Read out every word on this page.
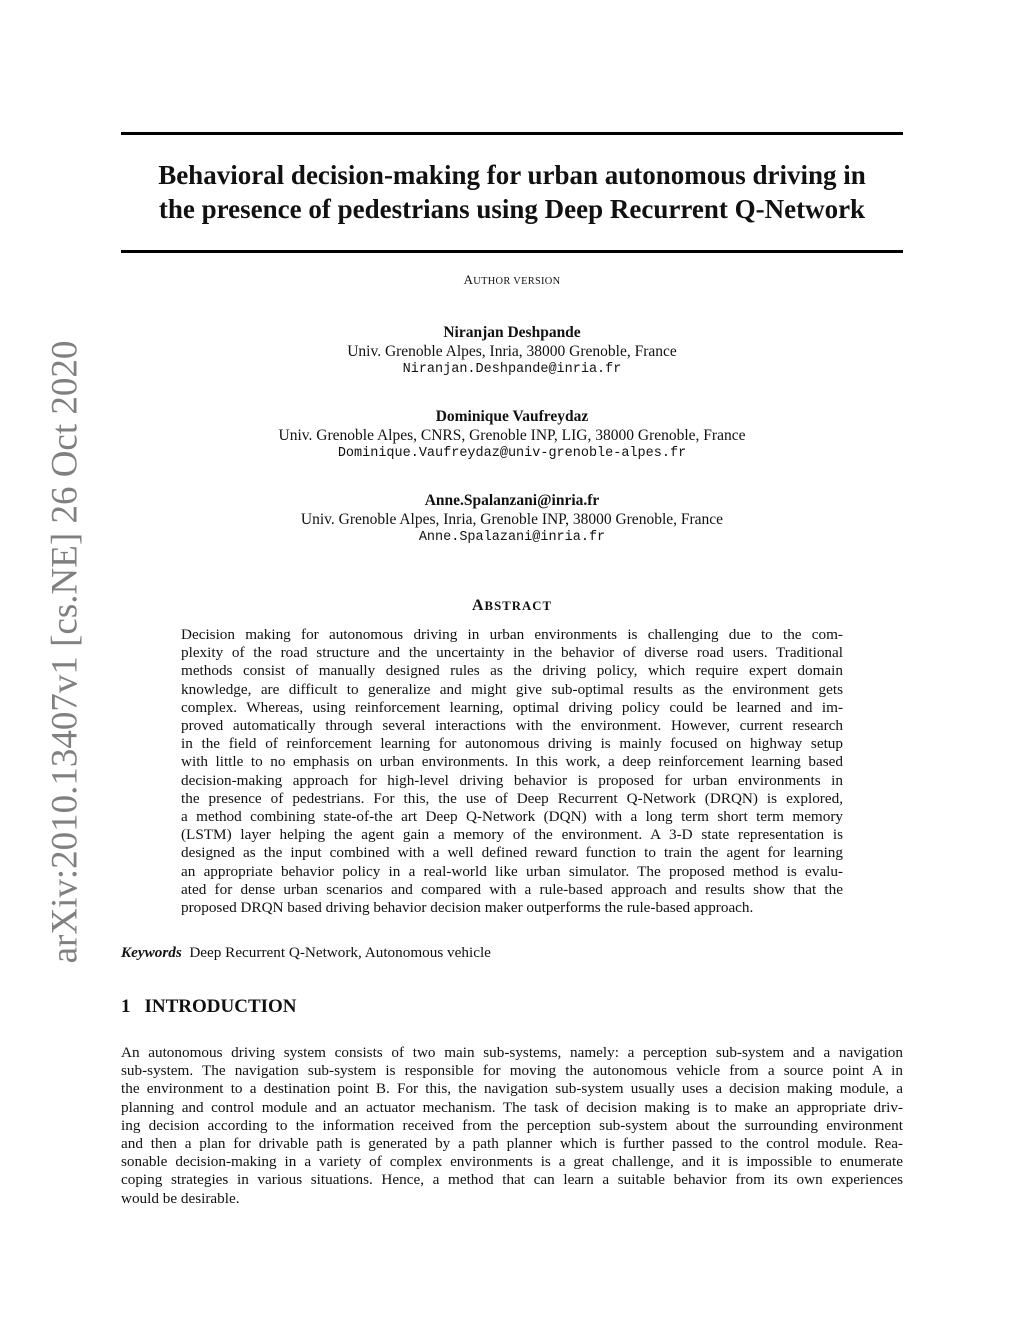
arXiv:2010.13407v1 [cs.NE] 26 Oct 2020
Behavioral decision-making for urban autonomous driving in
the presence of pedestrians using Deep Recurrent Q-Network
AUTHOR VERSION
Niranjan Deshpande
Univ. Grenoble Alpes, Inria, 38000 Grenoble, France
Niranjan.Deshpande@inria.fr
Dominique Vaufreydaz
Univ. Grenoble Alpes, CNRS, Grenoble INP, LIG, 38000 Grenoble, France
Dominique.Vaufreydaz@univ-grenoble-alpes.fr
Anne.Spalanzani@inria.fr
Univ. Grenoble Alpes, Inria, Grenoble INP, 38000 Grenoble, France
Anne.Spalazani@inria.fr
ABSTRACT
Decision making for autonomous driving in urban environments is challenging due to the com-
plexity of the road structure and the uncertainty in the behavior of diverse road users. Traditional
methods consist of manually designed rules as the driving policy, which require expert domain
knowledge, are difficult to generalize and might give sub-optimal results as the environment gets
complex. Whereas, using reinforcement learning, optimal driving policy could be learned and im-
proved automatically through several interactions with the environment. However, current research
in the field of reinforcement learning for autonomous driving is mainly focused on highway setup
with little to no emphasis on urban environments. In this work, a deep reinforcement learning based
decision-making approach for high-level driving behavior is proposed for urban environments in
the presence of pedestrians. For this, the use of Deep Recurrent Q-Network (DRQN) is explored,
a method combining state-of-the art Deep Q-Network (DQN) with a long term short term memory
(LSTM) layer helping the agent gain a memory of the environment. A 3-D state representation is
designed as the input combined with a well defined reward function to train the agent for learning
an appropriate behavior policy in a real-world like urban simulator. The proposed method is evalu-
ated for dense urban scenarios and compared with a rule-based approach and results show that the
proposed DRQN based driving behavior decision maker outperforms the rule-based approach.
Keywords Deep Recurrent Q-Network, Autonomous vehicle
1 INTRODUCTION
An autonomous driving system consists of two main sub-systems, namely: a perception sub-system and a navigation
sub-system. The navigation sub-system is responsible for moving the autonomous vehicle from a source point A in
the environment to a destination point B. For this, the navigation sub-system usually uses a decision making module, a
planning and control module and an actuator mechanism. The task of decision making is to make an appropriate driv-
ing decision according to the information received from the perception sub-system about the surrounding environment
and then a plan for drivable path is generated by a path planner which is further passed to the control module. Rea-
sonable decision-making in a variety of complex environments is a great challenge, and it is impossible to enumerate
coping strategies in various situations. Hence, a method that can learn a suitable behavior from its own experiences
would be desirable.
